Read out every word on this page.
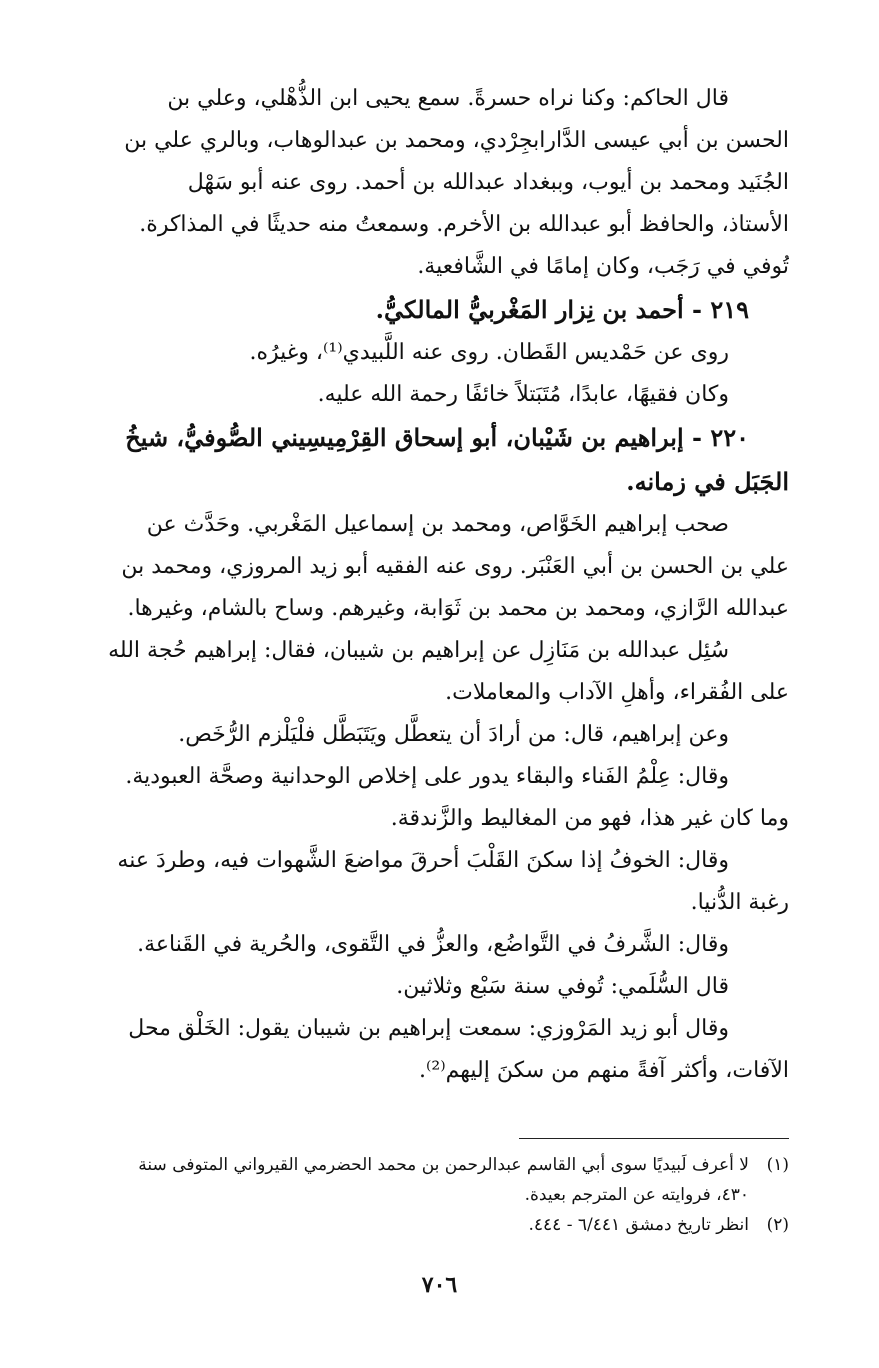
قال الحاكم: وكنا نراه حسرةً. سمع يحيى ابن الذُّهْلي، وعلي بن
الحسن بن أبي عيسى الدَّارابجِرْدي، ومحمد بن عبدالوهاب، وبالري علي بن
الجُنَيد ومحمد بن أيوب، وببغداد عبدالله بن أحمد. روى عنه أبو سَهْل
الأستاذ، والحافظ أبو عبدالله بن الأخرم. وسمعتُ منه حديثًا في المذاكرة.
تُوفي في رَجَب، وكان إمامًا في الشَّافعية.
٢١٩ - أحمد بن نِزار المَغْربيُّ المالكيُّ.
روى عن حَمْديس القَطان. روى عنه اللَّبيدي⁽¹⁾، وغيرُه.
وكان فقيهًا، عابدًا، مُتَبَتلاً خائفًا رحمة الله عليه.
٢٢٠ - إبراهيم بن شَيْبان، أبو إسحاق القِرْمِيسِيني الصُّوفيُّ، شيخُ
الجَبَل في زمانه.
صحب إبراهيم الخَوَّاص، ومحمد بن إسماعيل المَغْربي. وحَدَّث عن
علي بن الحسن بن أبي العَنْبَر. روى عنه الفقيه أبو زيد المروزي، ومحمد بن
عبدالله الرَّازي، ومحمد بن محمد بن ثَوَابة، وغيرهم. وساح بالشام، وغيرها.
سُئِل عبدالله بن مَنَازِل عن إبراهيم بن شيبان، فقال: إبراهيم حُجة الله
على الفُقراء، وأهلِ الآداب والمعاملات.
وعن إبراهيم، قال: من أرادَ أن يتعطَّل ويَتَبَطَّل فلْيَلْزم الرُّخَص.
وقال: عِلْمُ الفَناء والبقاء يدور على إخلاص الوحدانية وصحَّة العبودية.
وما كان غير هذا، فهو من المغاليط والزَّندقة.
وقال: الخوفُ إذا سكنَ القَلْبَ أحرقَ مواضعَ الشَّهوات فيه، وطردَ عنه
رغبة الدُّنيا.
وقال: الشَّرفُ في التَّواضُع، والعزُّ في التَّقوى، والحُرية في القَناعة.
قال السُّلَمي: تُوفي سنة سَبْع وثلاثين.
وقال أبو زيد المَرْوزي: سمعت إبراهيم بن شيبان يقول: الخَلْق محل
الآفات، وأكثر آفةً منهم من سكنَ إليهم⁽²⁾.
(١)لا أعرف لَبيديًا سوى أبي القاسم عبدالرحمن بن محمد الحضرمي القيرواني المتوفى سنة
٤٣٠، فروايته عن المترجم بعيدة.
(٢)انظر تاريخ دمشق ٦/٤٤١ - ٤٤٤.
٧٠٦
